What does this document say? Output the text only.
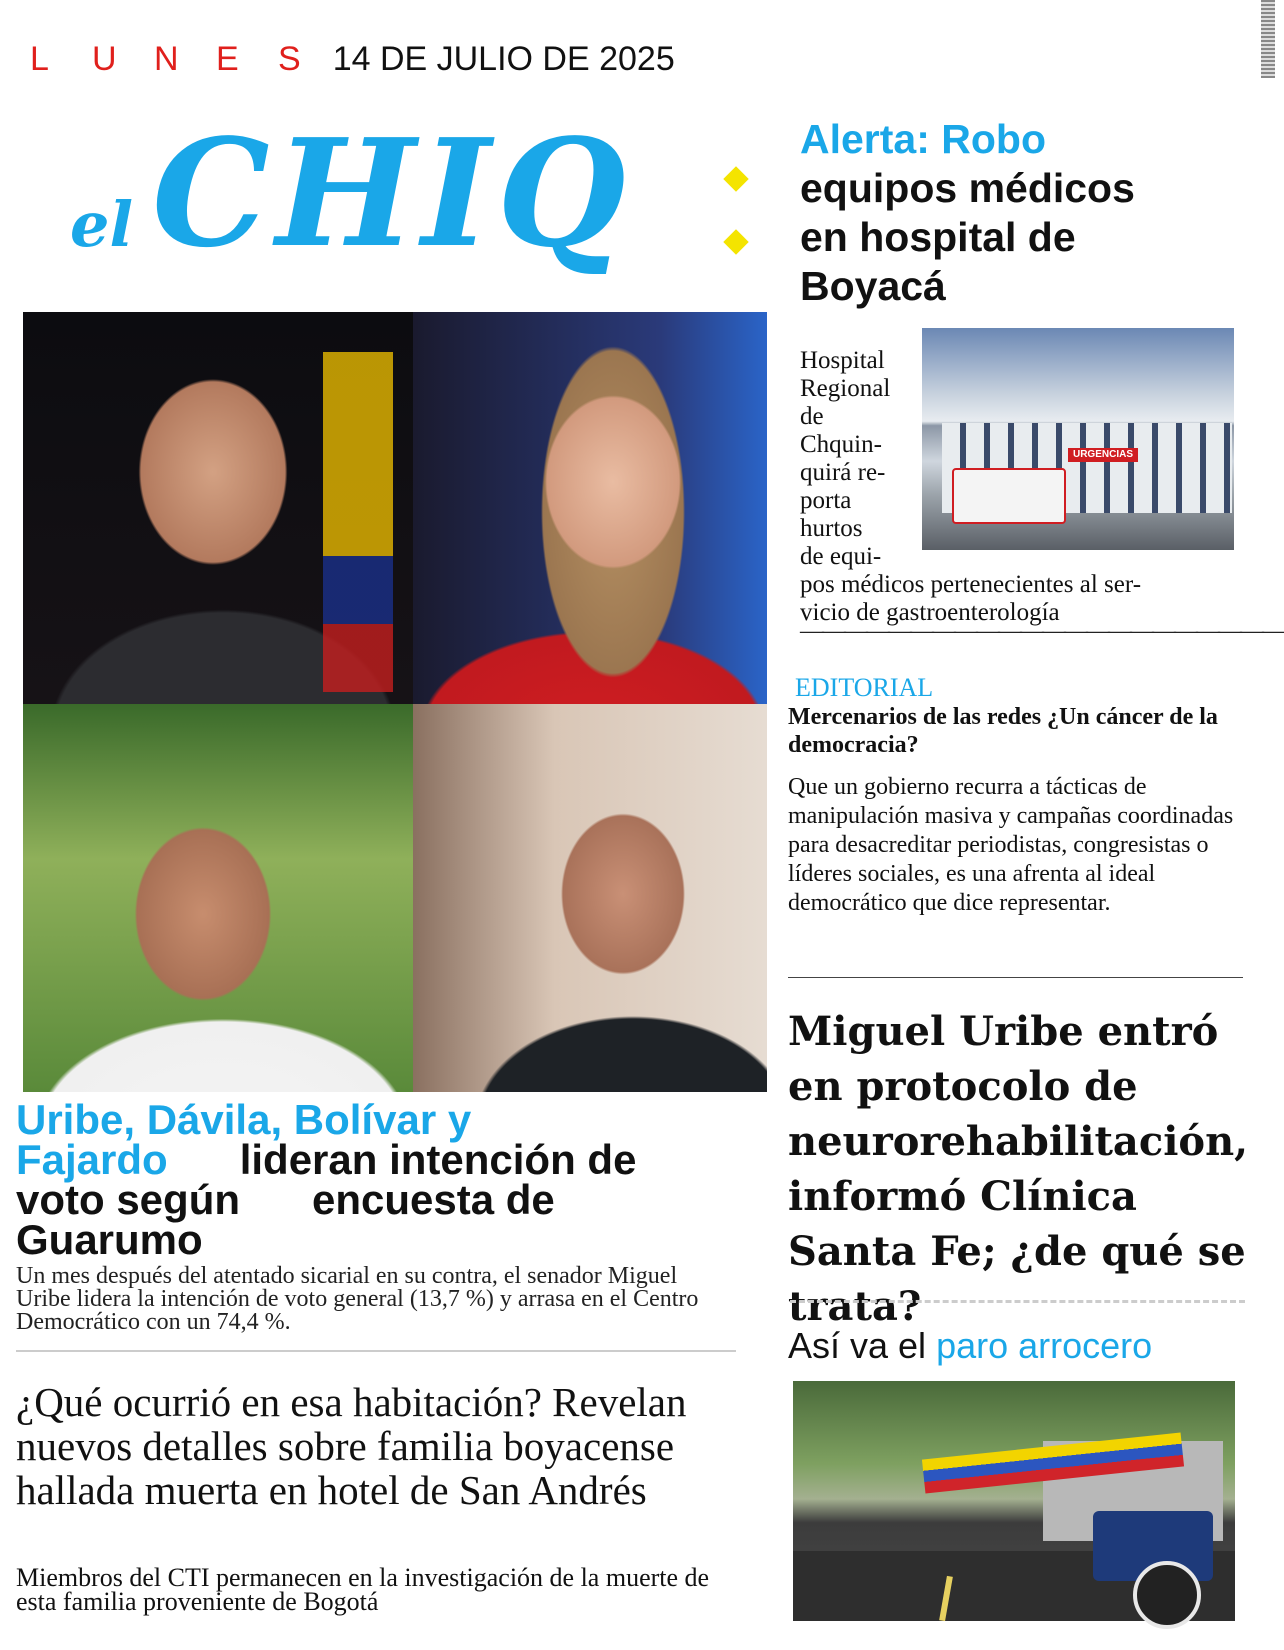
L	U	N	E	S 14 DE JULIO DE 2025
el CHIQ
Uribe, Dávila, Bolívar y
Fajardo lideran intención de
voto según encuesta de
Guarumo
Un mes después del atentado sicarial en su contra, el senador Miguel Uribe lidera la intención de voto general (13,7 %) y arrasa en el Centro Democrático con un 74,4 %.
¿Qué ocurrió en esa habitación? Revelan nuevos detalles sobre familia boyacense hallada muerta en hotel de San Andrés
Miembros del CTI permanecen en la investigación de la muerte de esta familia proveniente de Bogotá
Alerta: Robo
equipos médicos
en hospital de
Boyacá
URGENCIAS
Hospital
Regional
de
Chquin-
quirá re-
porta
hurtos
de equi-
pos médicos pertenecientes al ser-
vicio de gastroenterología
——————————————————————
EDITORIAL
Mercenarios de las redes ¿Un cáncer de la democracia?
Que un gobierno recurra a tácticas de manipulación masiva y campañas coordinadas para desacreditar periodistas, congresistas o líderes sociales, es una afrenta al ideal democrático que dice representar.
Miguel Uribe entró en protocolo de neurorehabilitación, informó Clínica Santa Fe; ¿de qué se trata?
Así va el paro arrocero
